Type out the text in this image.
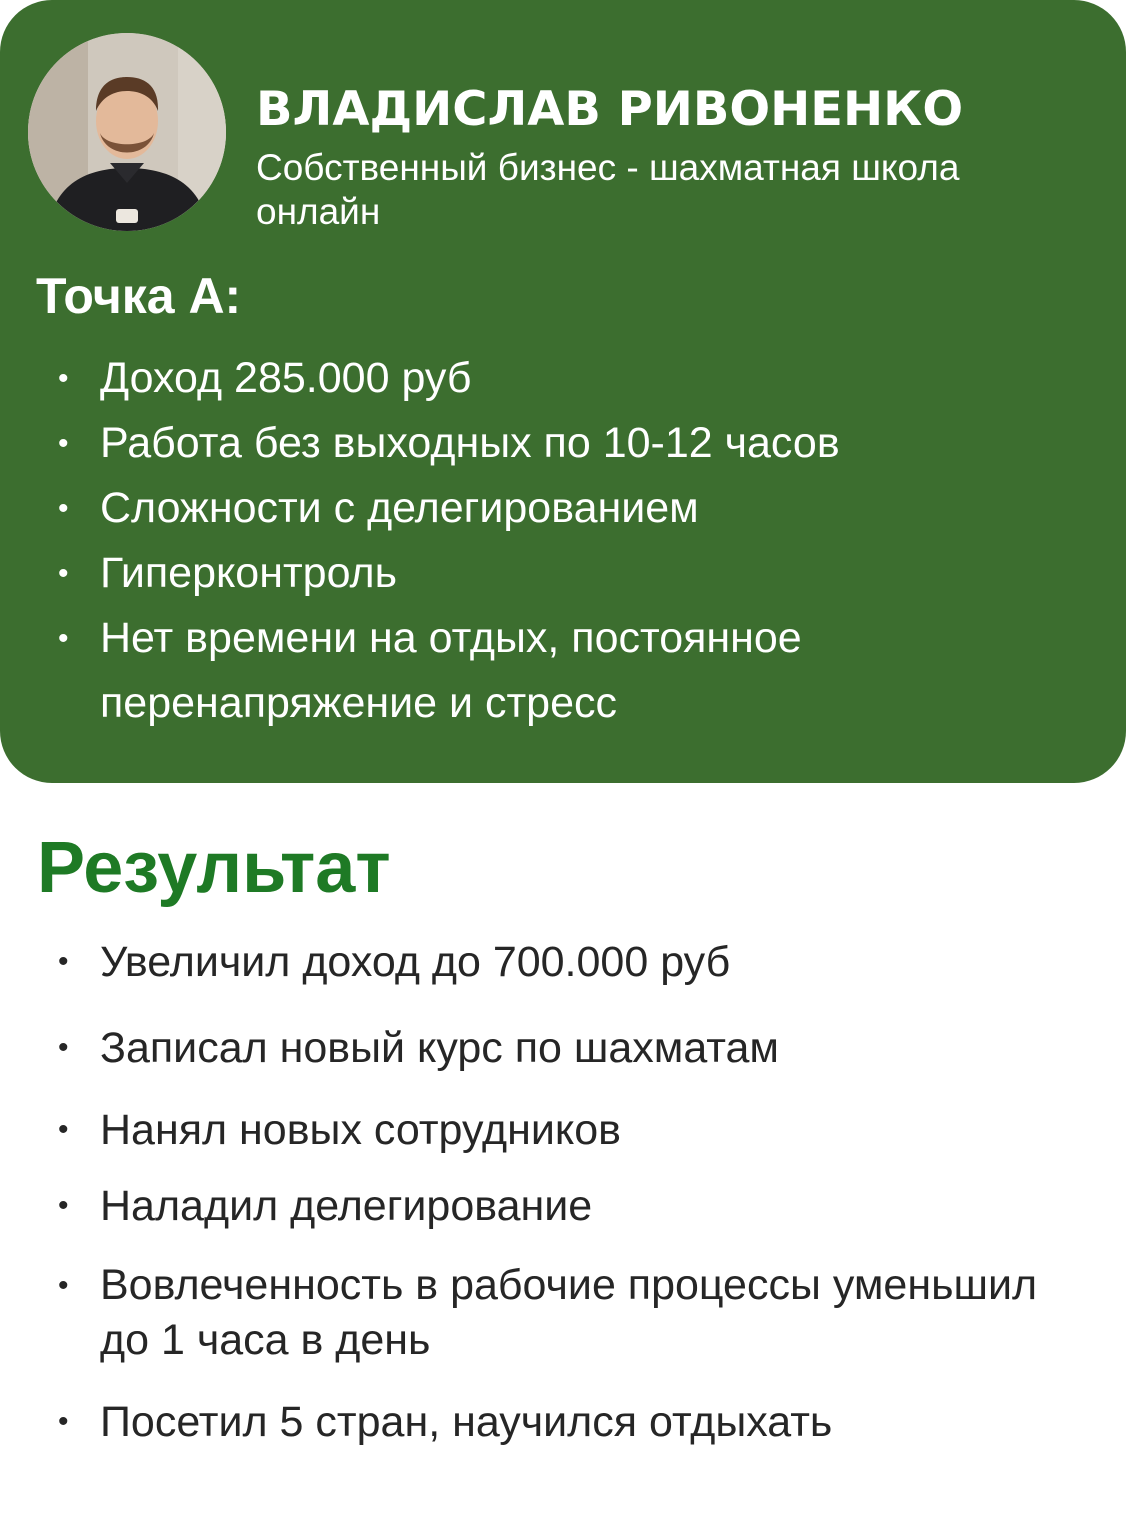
ВЛАДИСЛАВ РИВОНЕНКО
Собственный бизнес - шахматная школа онлайн
Точка А:
• Доход 285.000 руб
• Работа без выходных по 10-12 часов
• Сложности с делегированием
• Гиперконтроль
• Нет времени на отдых, постоянное перенапряжение и стресс
Результат
• Увеличил доход до 700.000 руб
• Записал новый курс по шахматам
• Нанял новых сотрудников
• Наладил делегирование
• Вовлеченность в рабочие процессы уменьшил до 1 часа в день
• Посетил 5 стран, научился отдыхать
